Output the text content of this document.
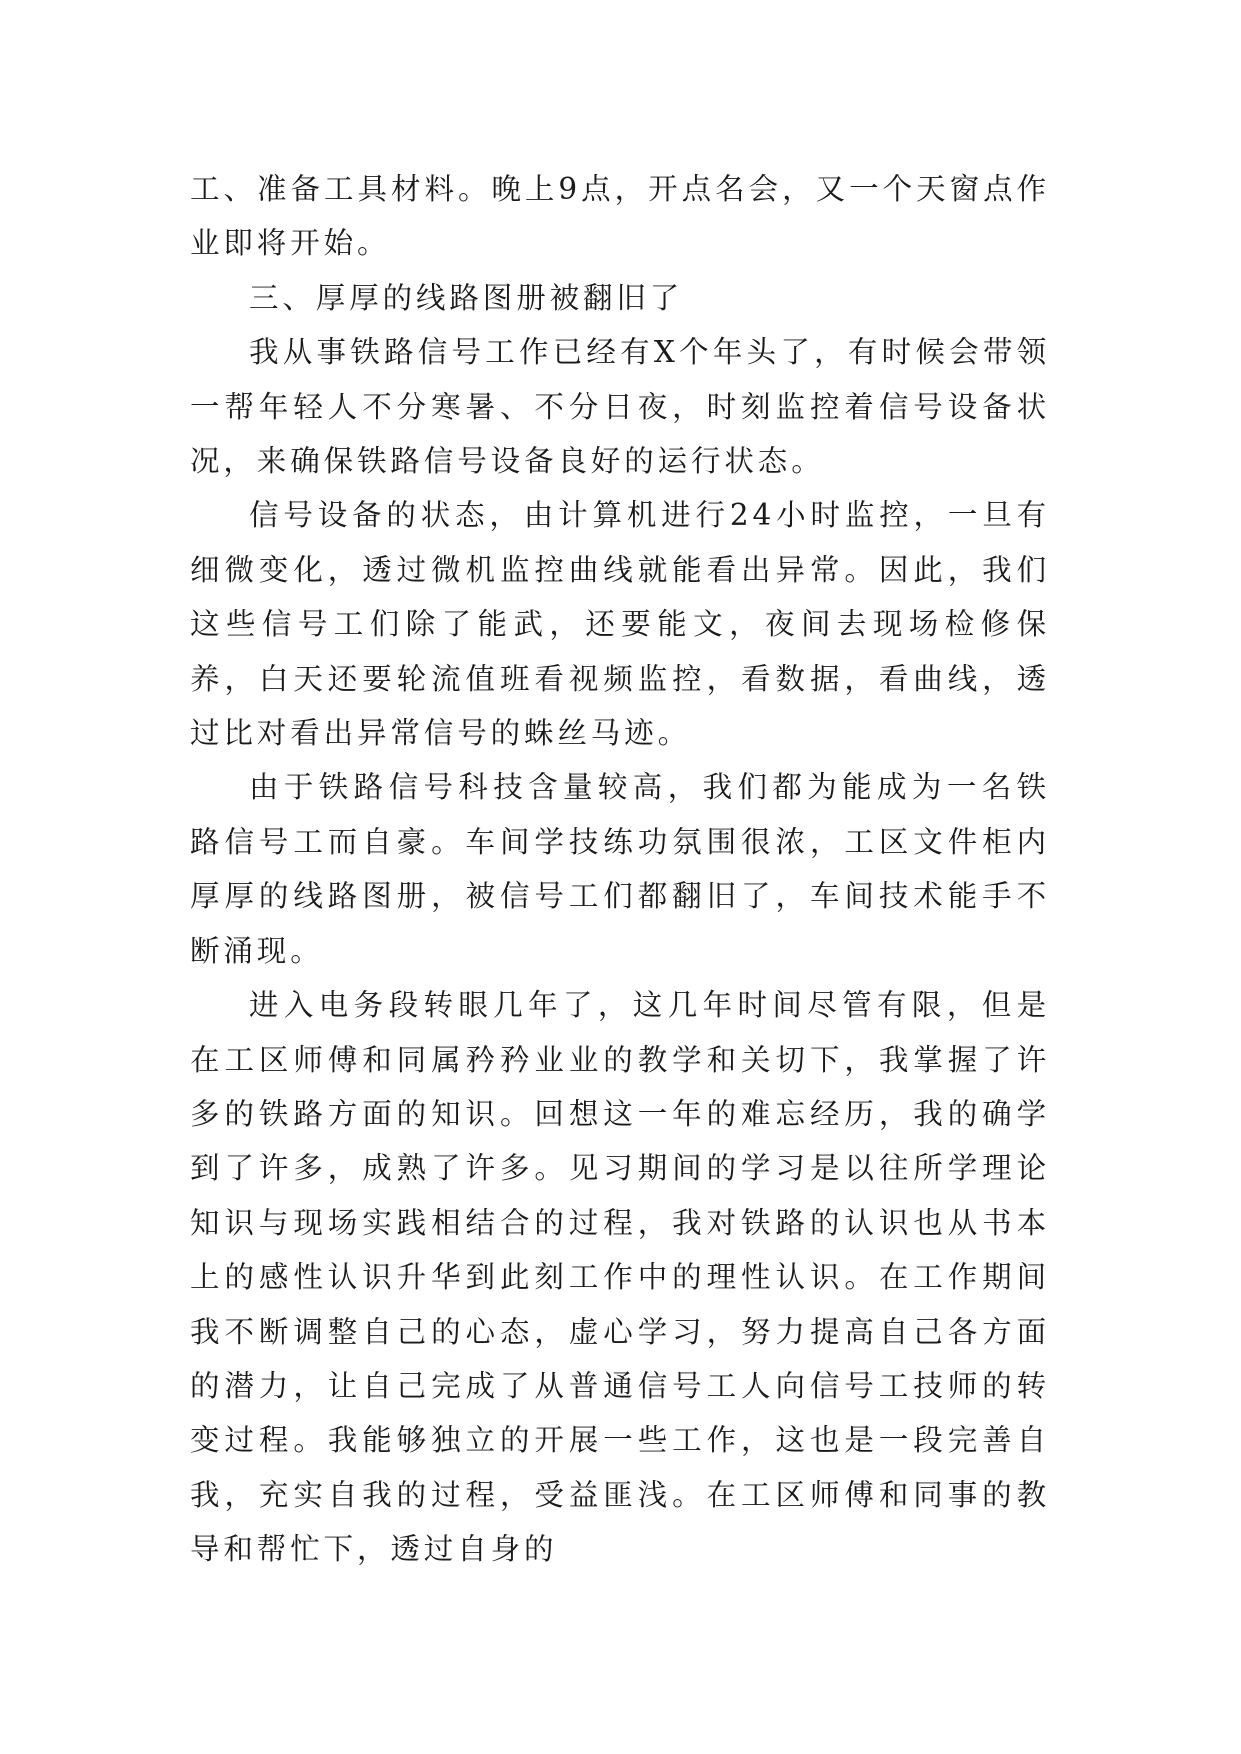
工、准备工具材料。晚上9点，开点名会，又一个天窗点作业即将开始。

三、厚厚的线路图册被翻旧了

我从事铁路信号工作已经有X个年头了，有时候会带领一帮年轻人不分寒暑、不分日夜，时刻监控着信号设备状况，来确保铁路信号设备良好的运行状态。

信号设备的状态，由计算机进行24小时监控，一旦有细微变化，透过微机监控曲线就能看出异常。因此，我们这些信号工们除了能武，还要能文，夜间去现场检修保养，白天还要轮流值班看视频监控，看数据，看曲线，透过比对看出异常信号的蛛丝马迹。

由于铁路信号科技含量较高，我们都为能成为一名铁路信号工而自豪。车间学技练功氛围很浓，工区文件柜内厚厚的线路图册，被信号工们都翻旧了，车间技术能手不断涌现。

进入电务段转眼几年了，这几年时间尽管有限，但是在工区师傅和同属矜矜业业的教学和关切下，我掌握了许多的铁路方面的知识。回想这一年的难忘经历，我的确学到了许多，成熟了许多。见习期间的学习是以往所学理论知识与现场实践相结合的过程，我对铁路的认识也从书本上的感性认识升华到此刻工作中的理性认识。在工作期间我不断调整自己的心态，虚心学习，努力提高自己各方面的潜力，让自己完成了从普通信号工人向信号工技师的转变过程。我能够独立的开展一些工作，这也是一段完善自我，充实自我的过程，受益匪浅。在工区师傅和同事的教导和帮忙下，透过自身的
